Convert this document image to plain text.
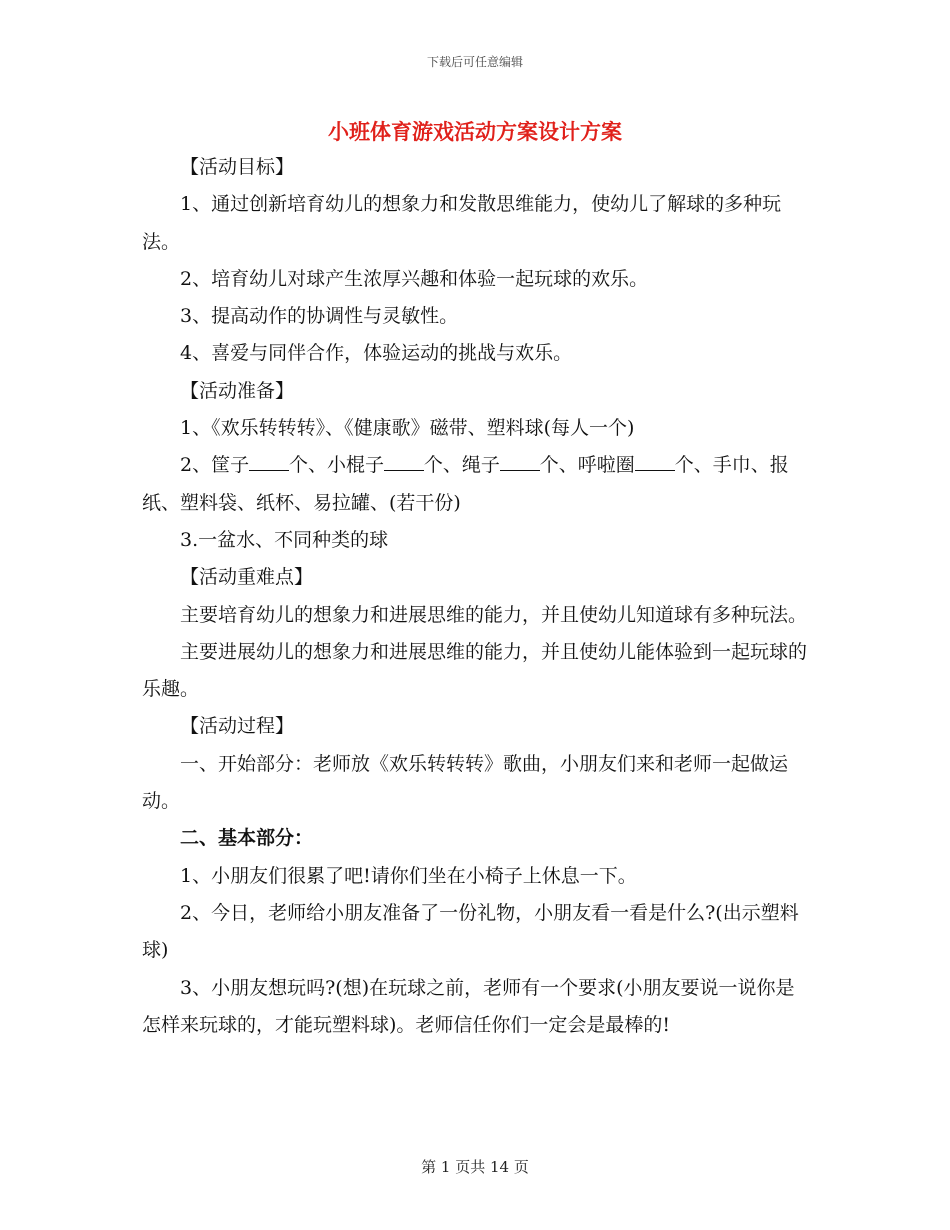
下载后可任意编辑
小班体育游戏活动方案设计方案

【活动目标】

1、通过创新培育幼儿的想象力和发散思维能力，使幼儿了解球的多种玩法。

2、培育幼儿对球产生浓厚兴趣和体验一起玩球的欢乐。

3、提高动作的协调性与灵敏性。

4、喜爱与同伴合作，体验运动的挑战与欢乐。

【活动准备】

1、《欢乐转转转》、《健康歌》磁带、塑料球(每人一个)

2、筐子 个、小棍子 个、绳子 个、呼啦圈 个、手巾、报纸、塑料袋、纸杯、易拉罐、(若干份)

3.一盆水、不同种类的球

【活动重难点】

主要培育幼儿的想象力和进展思维的能力，并且使幼儿知道球有多种玩法。

主要进展幼儿的想象力和进展思维的能力，并且使幼儿能体验到一起玩球的乐趣。

【活动过程】

一、开始部分：老师放《欢乐转转转》歌曲，小朋友们来和老师一起做运动。

二、基本部分：

1、小朋友们很累了吧!请你们坐在小椅子上休息一下。

2、今日，老师给小朋友准备了一份礼物，小朋友看一看是什么?(出示塑料球)

3、小朋友想玩吗?(想)在玩球之前，老师有一个要求(小朋友要说一说你是怎样来玩球的，才能玩塑料球)。老师信任你们一定会是最棒的!

第 1 页共 14 页
